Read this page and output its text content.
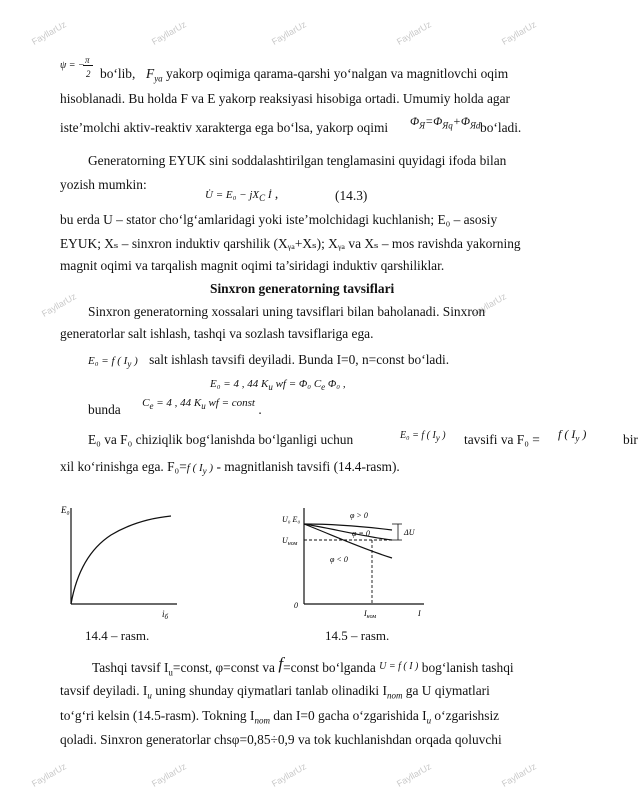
FayllarUz	FayllarUz	FayllarUz	FayllarUz	FayllarUz
FayllarUz	FayllarUz
FayllarUz	FayllarUz	FayllarUz	FayllarUz	FayllarUz
ψ = − π
2 bo‘lib, $F_{ya}$ yakorp oqimiga qarama-qarshi yo‘nalgan va magnitlovchi oqim
hisoblanadi. Bu holda F va E yakorp reaksiyasi hisobiga ortadi. Umumiy holda agar
iste’molchi aktiv-reaktiv xarakterga ega bo‘lsa, yakorp oqimi $\Phi_Я=\Phi_{Яq}+\Phi_{Яd}$ bo‘ladi.
Generatorning EYUK sini soddalashtirilgan tenglamasini quyidagi ifoda bilan
yozish mumkin:
U̇ = $E_0 - jX_C$ İ ,	(14.3)
bu erda U – stator cho‘lg‘amlaridagi yoki iste’molchidagi kuchlanish; E₀ – asosiy
EYUK; Xₛ – sinxron induktiv qarshilik (Xᵧₐ+Xₛ); Xᵧₐ va Xₛ – mos ravishda yakorning
magnit oqimi va tarqalish magnit oqimi ta’siridagi induktiv qarshiliklar.
Sinxron generatorning tavsiflari
Sinxron generatorning xossalari uning tavsiflari bilan baholanadi. Sinxron
generatorlar salt ishlash, tashqi va sozlash tavsiflariga ega.
E₀ = f ( $I_y$ ) salt ishlash tavsifi deyiladi. Bunda I=0, n=const bo‘ladi.
E₀ = 4 , 44 $K_u$ wf = Φ₀ $C_e$ Φ₀ ,
bunda $^{C_e = 4 , 44 K_u wf = const}$ .
E₀ va F₀ chiziqlik bog‘lanishda bo‘lganligi uchun	E₀ = f ( $I_y$ ) tavsifi va F₀ = f ( $I_y$ )	bir
xil ko‘rinishga ega. F₀=f ( $I_y$ ) - magnitlanish tavsifi (14.4-rasm).
E₀
$i_б$
14.4 – rasm.
U₀ E₀
$U_{ном}$
0
$I_{ном}$	I
φ > 0
φ = 0
φ < 0
ΔU
14.5 – rasm.
Tashqi tavsif $I_u=const$, φ=const va f=const bo‘lganda $^{U = f ( I )}$ bog‘lanish tashqi
tavsif deyiladi. $I_u$ uning shunday qiymatlari tanlab olinadiki $I_{nom}$ ga U qiymatlari
to‘g‘ri kelsin (14.5-rasm). Tokning $I_{nom}$ dan I=0 gacha o‘zgarishida $I_u$ o‘zgarishsiz
qoladi. Sinxron generatorlar chsφ=0,85÷0,9 va tok kuchlanishdan orqada qoluvchi
